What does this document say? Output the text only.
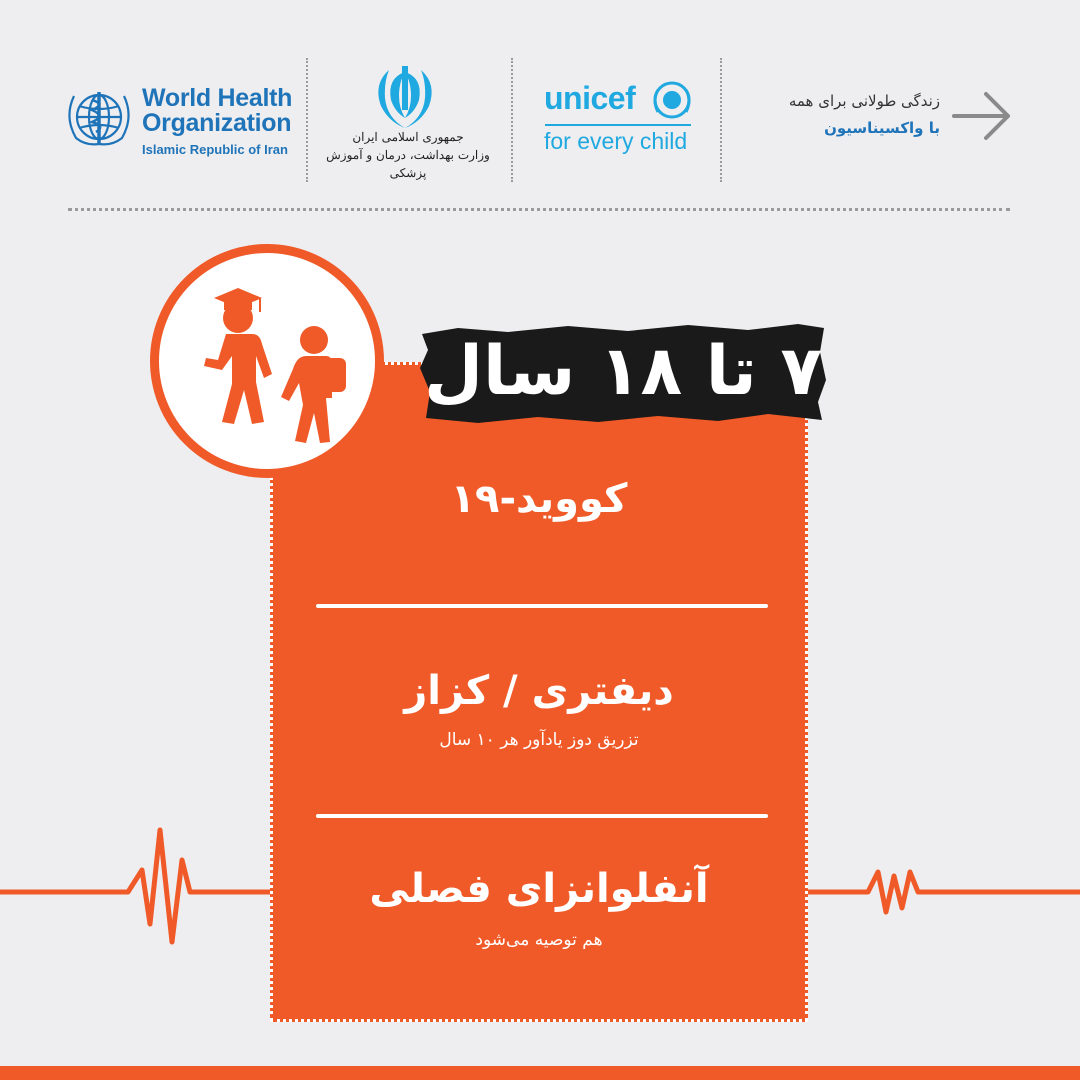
World Health
Organization
Islamic Republic of Iran
جمهوری اسلامی ایران
وزارت بهداشت، درمان و آموزش پزشکی
unicef
for every child
زندگی طولانی برای همه
با واکسیناسیون
۷ تا ۱۸ سال
کووید-۱۹
دیفتری / کزاز
تزریق دوز یادآور هر ۱۰ سال
آنفلوانزای فصلی
هم توصیه می‌شود
